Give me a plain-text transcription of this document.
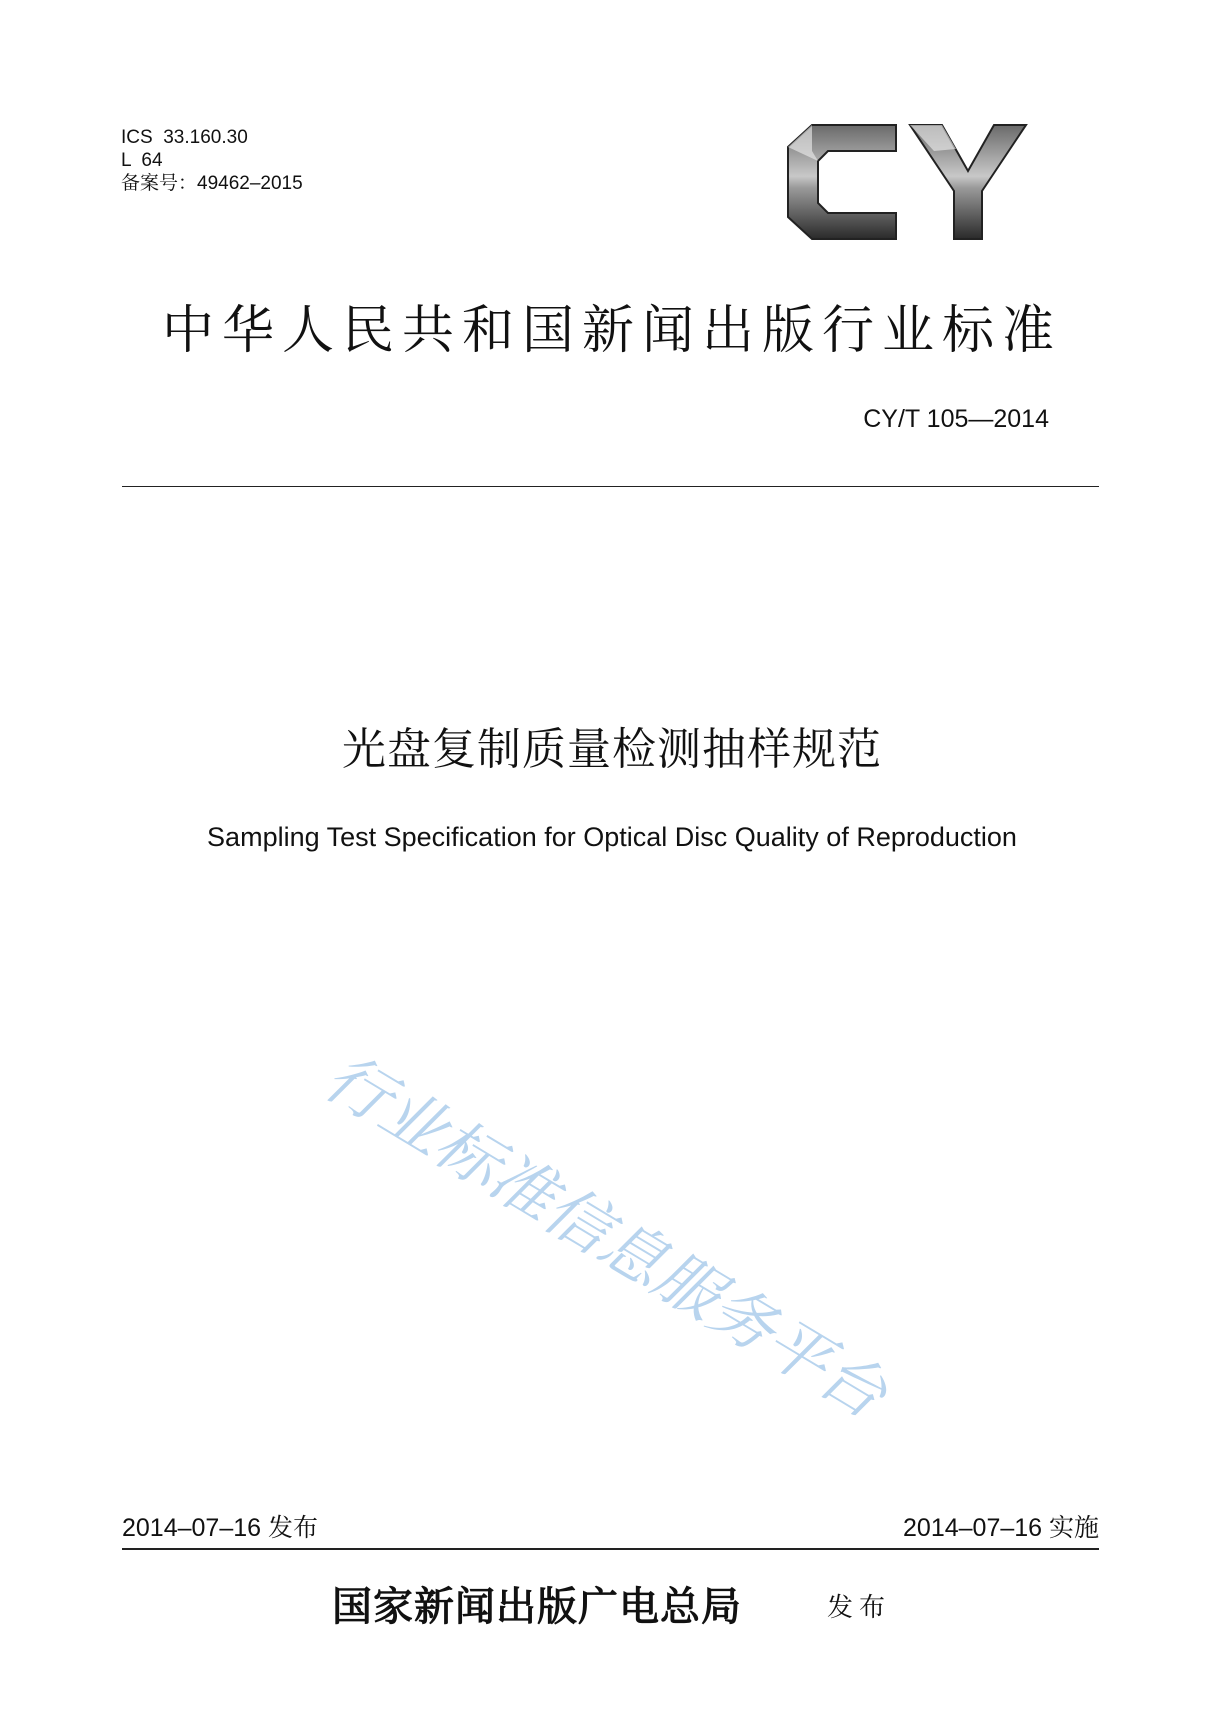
ICS  33.160.30
L  64
备案号：49462–2015
中华人民共和国新闻出版行业标准
CY/T 105—2014
光盘复制质量检测抽样规范
Sampling Test Specification for Optical Disc Quality of Reproduction
行业标准信息服务平台
2014–07–16 发布	2014–07–16 实施
国家新闻出版广电总局	发布
